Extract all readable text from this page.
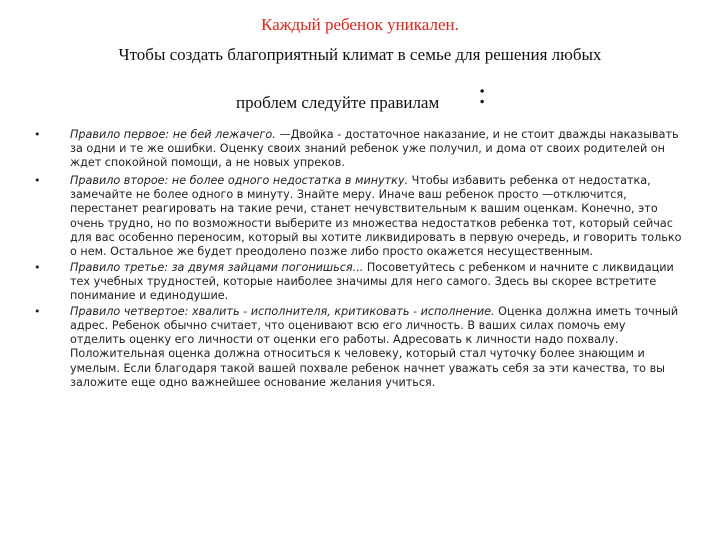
Каждый ребенок уникален.
Чтобы создать благоприятный климат в семье для решения любых
проблем следуйте правилам :
•	Правило первое: не бей лежачего. —Двойка - достаточное наказание, и не стоит дважды наказывать за одни и те же ошибки. Оценку своих знаний ребенок уже получил, и дома от своих родителей он ждет спокойной помощи, а не новых упреков.
•	Правило второе: не более одного недостатка в минутку. Чтобы избавить ребенка от недостатка, замечайте не более одного в минуту. Знайте меру. Иначе ваш ребенок просто —отключится, перестанет реагировать на такие речи, станет нечувствительным к вашим оценкам. Конечно, это очень трудно, но по возможности выберите из множества недостатков ребенка тот, который сейчас для вас особенно переносим, который вы хотите ликвидировать в первую очередь, и говорить только о нем. Остальное же будет преодолено позже либо просто окажется несущественным.
•	Правило третье: за двумя зайцами погонишься... Посоветуйтесь с ребенком и начните с ликвидации тех учебных трудностей, которые наиболее значимы для него самого. Здесь вы скорее встретите понимание и единодушие.
•	Правило четвертое: хвалить - исполнителя, критиковать - исполнение. Оценка должна иметь точный адрес. Ребенок обычно считает, что оценивают всю его личность. В ваших силах помочь ему отделить оценку его личности от оценки его работы. Адресовать к личности надо похвалу. Положительная оценка должна относиться к человеку, который стал чуточку более знающим и умелым. Если благодаря такой вашей похвале ребенок начнет уважать себя за эти качества, то вы заложите еще одно важнейшее основание желания учиться.
